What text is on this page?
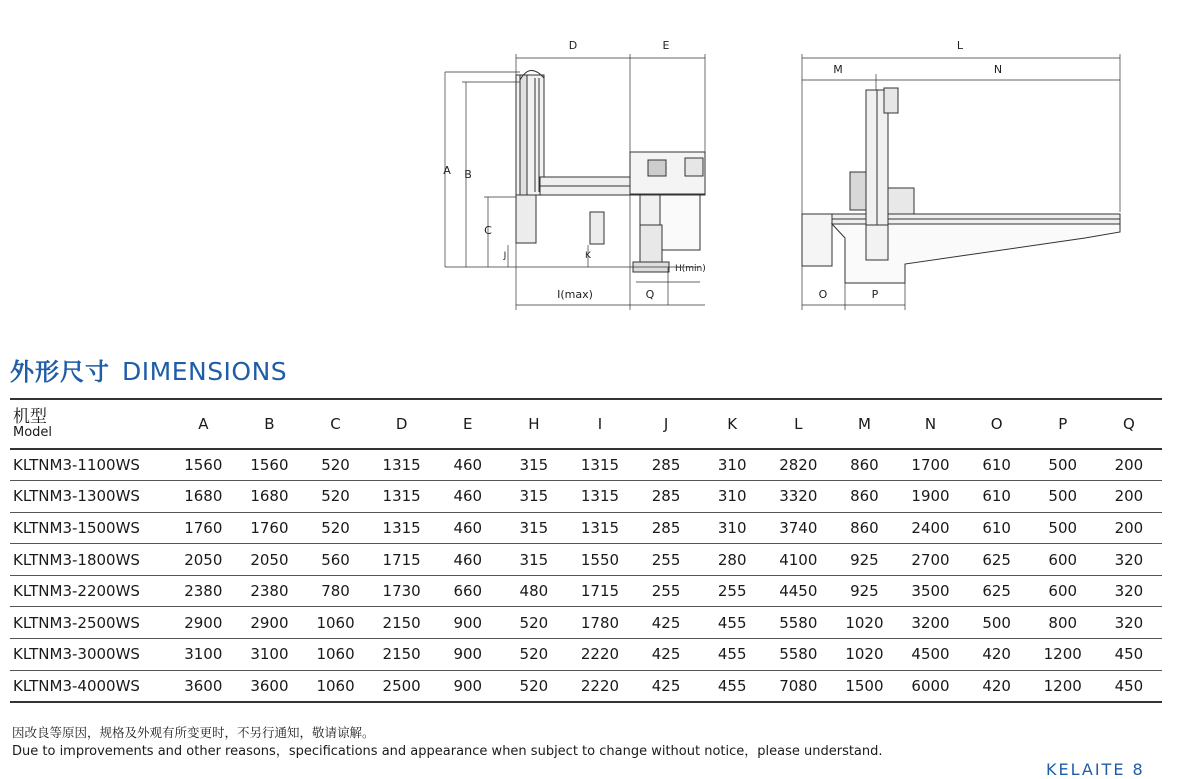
D	E
A B
C
J	K
H(min)
I(max)	Q
L
M	N
O	P
外形尺寸 DIMENSIONS
机型
Model	A	B	C	D	E	H	I	J	K	L	M	N	O	P	Q
KLTNM3-1100WS	1560	1560	520	1315	460	315	1315	285	310	2820	860	1700	610	500	200
KLTNM3-1300WS	1680	1680	520	1315	460	315	1315	285	310	3320	860	1900	610	500	200
KLTNM3-1500WS	1760	1760	520	1315	460	315	1315	285	310	3740	860	2400	610	500	200
KLTNM3-1800WS	2050	2050	560	1715	460	315	1550	255	280	4100	925	2700	625	600	320
KLTNM3-2200WS	2380	2380	780	1730	660	480	1715	255	255	4450	925	3500	625	600	320
KLTNM3-2500WS	2900	2900	1060	2150	900	520	1780	425	455	5580	1020	3200	500	800	320
KLTNM3-3000WS	3100	3100	1060	2150	900	520	2220	425	455	5580	1020	4500	420	1200	450
KLTNM3-4000WS	3600	3600	1060	2500	900	520	2220	425	455	7080	1500	6000	420	1200	450
因改良等原因，规格及外观有所变更时，不另行通知，敬请谅解。
Due to improvements and other reasons，specifications and appearance when subject to change without notice，please understand.
KELAITE 8
